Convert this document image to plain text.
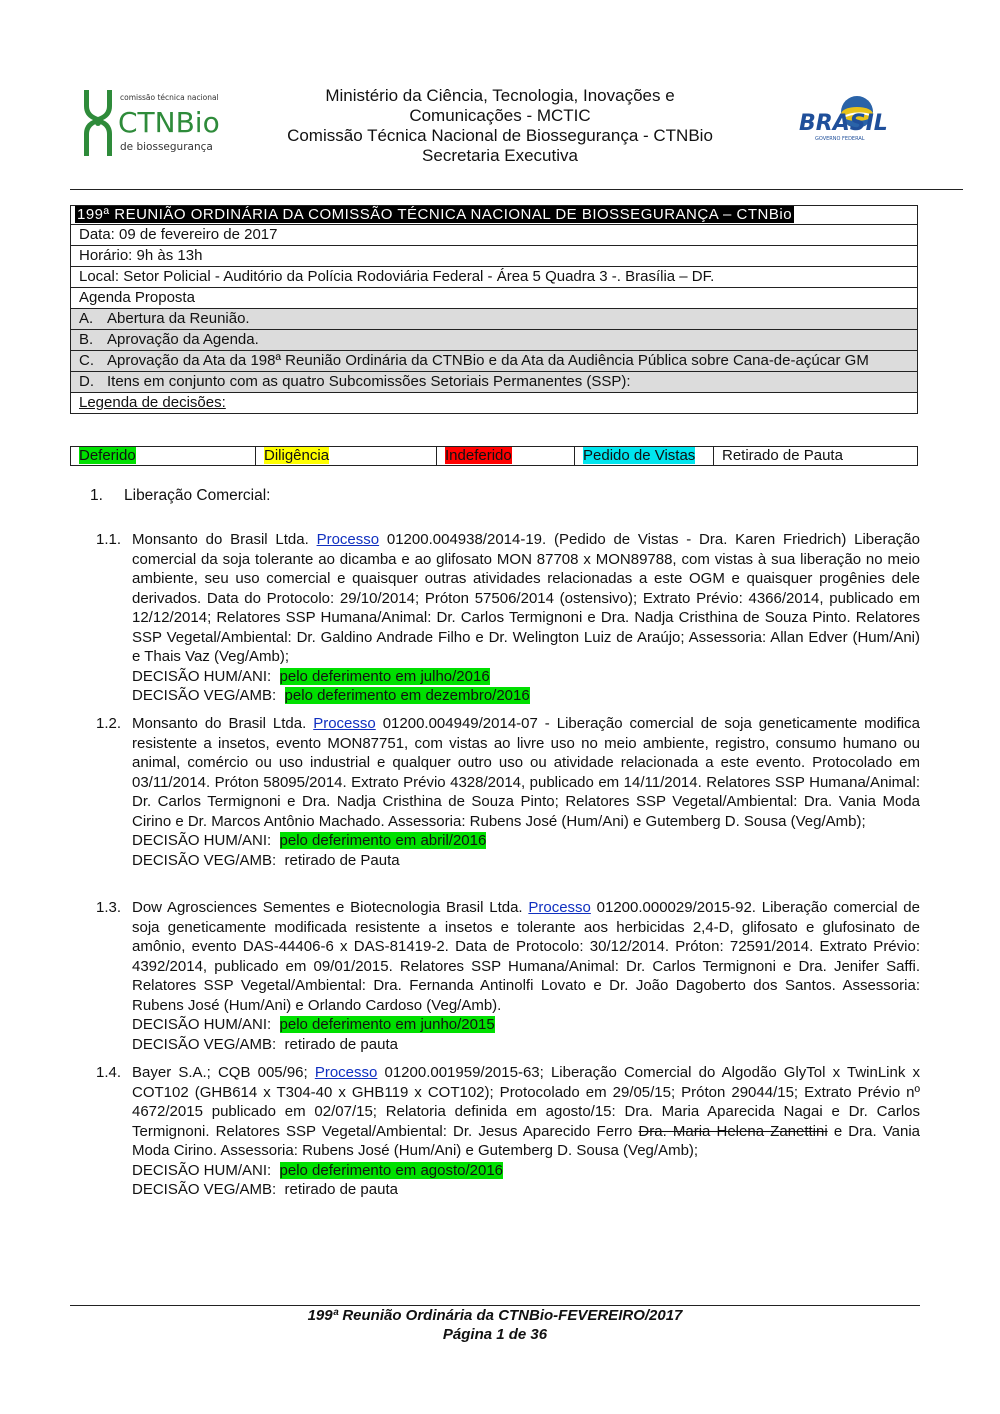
comissão técnica nacional
CTNBio
de biossegurança
Ministério da Ciência, Tecnologia, Inovações e
Comunicações - MCTIC
Comissão Técnica Nacional de Biossegurança - CTNBio
Secretaria Executiva
BRASIL
GOVERNO FEDERAL
199ª REUNIÃO ORDINÁRIA DA COMISSÃO TÉCNICA NACIONAL DE BIOSSEGURANÇA – CTNBio
Data: 09 de fevereiro de 2017
Horário: 9h às 13h
Local: Setor Policial - Auditório da Polícia Rodoviária Federal - Área 5 Quadra 3 -. Brasília – DF.
Agenda Proposta
A. Abertura da Reunião.
B. Aprovação da Agenda.
C. Aprovação da Ata da 198ª Reunião Ordinária da CTNBio e da Ata da Audiência Pública sobre Cana-de-açúcar GM
D. Itens em conjunto com as quatro Subcomissões Setoriais Permanentes (SSP):
Legenda de decisões:
Deferido	Diligência	Indeferido	Pedido de Vistas	Retirado de Pauta
1. Liberação Comercial:
1.1. Monsanto do Brasil Ltda. Processo 01200.004938/2014-19. (Pedido de Vistas - Dra. Karen Friedrich) Liberação comercial da soja tolerante ao dicamba e ao glifosato MON 87708 x MON89788, com vistas à sua liberação no meio ambiente, seu uso comercial e quaisquer outras atividades relacionadas a este OGM e quaisquer progênies dele derivados. Data do Protocolo: 29/10/2014; Próton 57506/2014 (ostensivo); Extrato Prévio: 4366/2014, publicado em 12/12/2014; Relatores SSP Humana/Animal: Dr. Carlos Termignoni e Dra. Nadja Cristhina de Souza Pinto. Relatores SSP Vegetal/Ambiental: Dr. Galdino Andrade Filho e Dr. Welington Luiz de Araújo; Assessoria: Allan Edver (Hum/Ani) e Thais Vaz (Veg/Amb);
DECISÃO HUM/ANI: pelo deferimento em julho/2016
DECISÃO VEG/AMB: pelo deferimento em dezembro/2016
1.2. Monsanto do Brasil Ltda. Processo 01200.004949/2014-07 - Liberação comercial de soja geneticamente modifica resistente a insetos, evento MON87751, com vistas ao livre uso no meio ambiente, registro, consumo humano ou animal, comércio ou uso industrial e qualquer outro uso ou atividade relacionada a este evento. Protocolado em 03/11/2014. Próton 58095/2014. Extrato Prévio 4328/2014, publicado em 14/11/2014. Relatores SSP Humana/Animal: Dr. Carlos Termignoni e Dra. Nadja Cristhina de Souza Pinto; Relatores SSP Vegetal/Ambiental: Dra. Vania Moda Cirino e Dr. Marcos Antônio Machado. Assessoria: Rubens José (Hum/Ani) e Gutemberg D. Sousa (Veg/Amb);
DECISÃO HUM/ANI: pelo deferimento em abril/2016
DECISÃO VEG/AMB: retirado de Pauta
1.3. Dow Agrosciences Sementes e Biotecnologia Brasil Ltda. Processo 01200.000029/2015-92. Liberação comercial de soja geneticamente modificada resistente a insetos e tolerante aos herbicidas 2,4-D, glifosato e glufosinato de amônio, evento DAS-44406-6 x DAS-81419-2. Data de Protocolo: 30/12/2014. Próton: 72591/2014. Extrato Prévio: 4392/2014, publicado em 09/01/2015. Relatores SSP Humana/Animal: Dr. Carlos Termignoni e Dra. Jenifer Saffi. Relatores SSP Vegetal/Ambiental: Dra. Fernanda Antinolfi Lovato e Dr. João Dagoberto dos Santos. Assessoria: Rubens José (Hum/Ani) e Orlando Cardoso (Veg/Amb).
DECISÃO HUM/ANI: pelo deferimento em junho/2015
DECISÃO VEG/AMB: retirado de pauta
1.4. Bayer S.A.; CQB 005/96; Processo 01200.001959/2015-63; Liberação Comercial do Algodão GlyTol x TwinLink x COT102 (GHB614 x T304-40 x GHB119 x COT102); Protocolado em 29/05/15; Próton 29044/15; Extrato Prévio nº 4672/2015 publicado em 02/07/15; Relatoria definida em agosto/15: Dra. Maria Aparecida Nagai e Dr. Carlos Termignoni. Relatores SSP Vegetal/Ambiental: Dr. Jesus Aparecido Ferro Dra. Maria Helena Zanettini e Dra. Vania Moda Cirino. Assessoria: Rubens José (Hum/Ani) e Gutemberg D. Sousa (Veg/Amb);
DECISÃO HUM/ANI: pelo deferimento em agosto/2016
DECISÃO VEG/AMB: retirado de pauta
199ª Reunião Ordinária da CTNBio-FEVEREIRO/2017
Página 1 de 36
